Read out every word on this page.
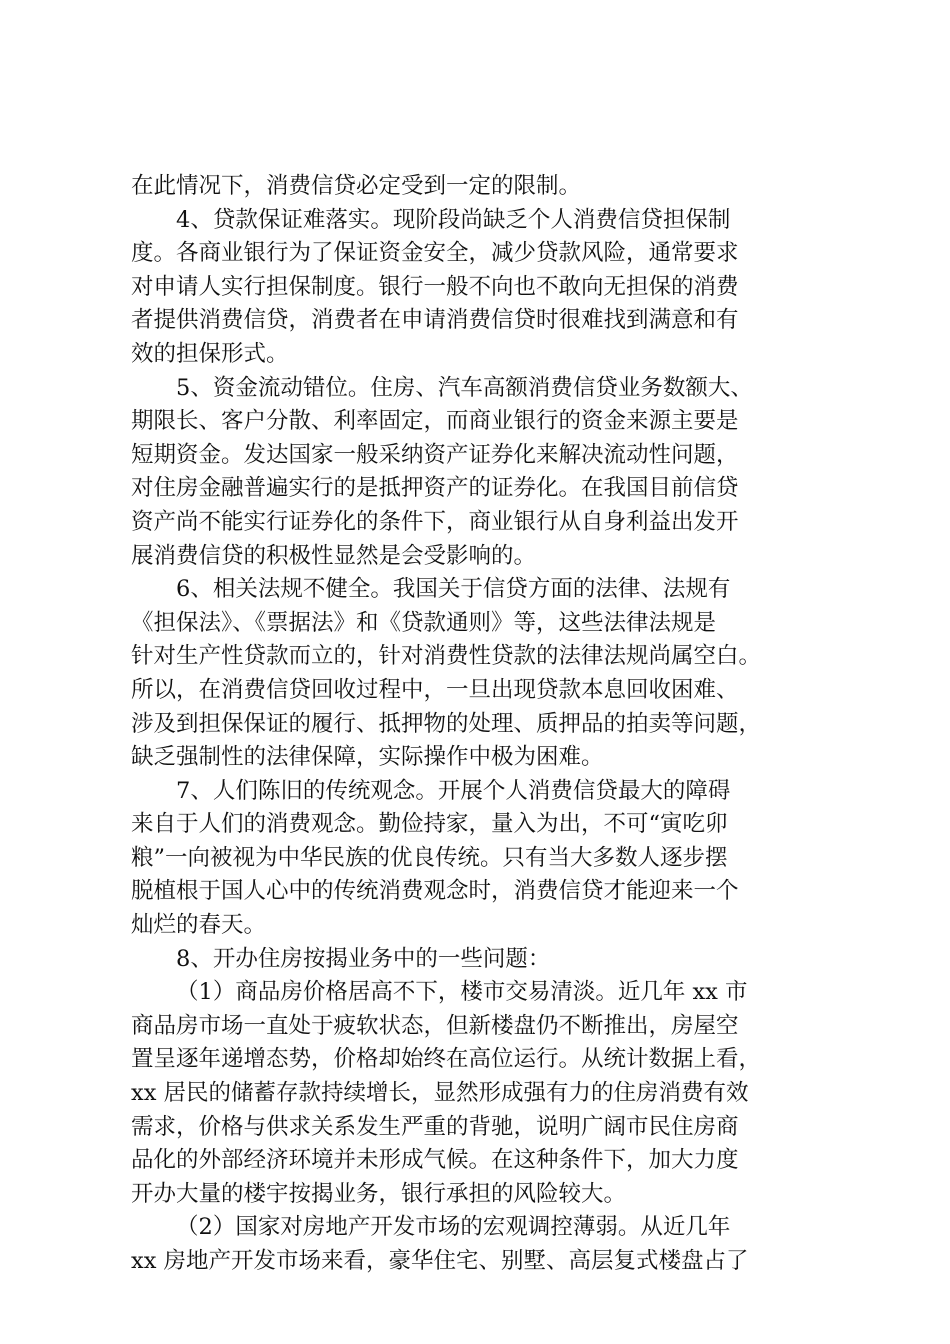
在此情况下，消费信贷必定受到一定的限制。
4、贷款保证难落实。现阶段尚缺乏个人消费信贷担保制
度。各商业银行为了保证资金安全，减少贷款风险，通常要求
对申请人实行担保制度。银行一般不向也不敢向无担保的消费
者提供消费信贷，消费者在申请消费信贷时很难找到满意和有
效的担保形式。
5、资金流动错位。住房、汽车高额消费信贷业务数额大、
期限长、客户分散、利率固定，而商业银行的资金来源主要是
短期资金。发达国家一般采纳资产证券化来解决流动性问题，
对住房金融普遍实行的是抵押资产的证券化。在我国目前信贷
资产尚不能实行证券化的条件下，商业银行从自身利益出发开
展消费信贷的积极性显然是会受影响的。
6、相关法规不健全。我国关于信贷方面的法律、法规有
《担保法》、《票据法》和《贷款通则》等，这些法律法规是
针对生产性贷款而立的，针对消费性贷款的法律法规尚属空白。
所以，在消费信贷回收过程中，一旦出现贷款本息回收困难、
涉及到担保保证的履行、抵押物的处理、质押品的拍卖等问题，
缺乏强制性的法律保障，实际操作中极为困难。
7、人们陈旧的传统观念。开展个人消费信贷最大的障碍
来自于人们的消费观念。勤俭持家，量入为出，不可“寅吃卯
粮”一向被视为中华民族的优良传统。只有当大多数人逐步摆
脱植根于国人心中的传统消费观念时，消费信贷才能迎来一个
灿烂的春天。
8、开办住房按揭业务中的一些问题：
（1）商品房价格居高不下，楼市交易清淡。近几年 xx 市
商品房市场一直处于疲软状态，但新楼盘仍不断推出，房屋空
置呈逐年递增态势，价格却始终在高位运行。从统计数据上看，
xx 居民的储蓄存款持续增长，显然形成强有力的住房消费有效
需求，价格与供求关系发生严重的背驰，说明广阔市民住房商
品化的外部经济环境并未形成气候。在这种条件下，加大力度
开办大量的楼宇按揭业务，银行承担的风险较大。
（2）国家对房地产开发市场的宏观调控薄弱。从近几年
xx 房地产开发市场来看，豪华住宅、别墅、高层复式楼盘占了
